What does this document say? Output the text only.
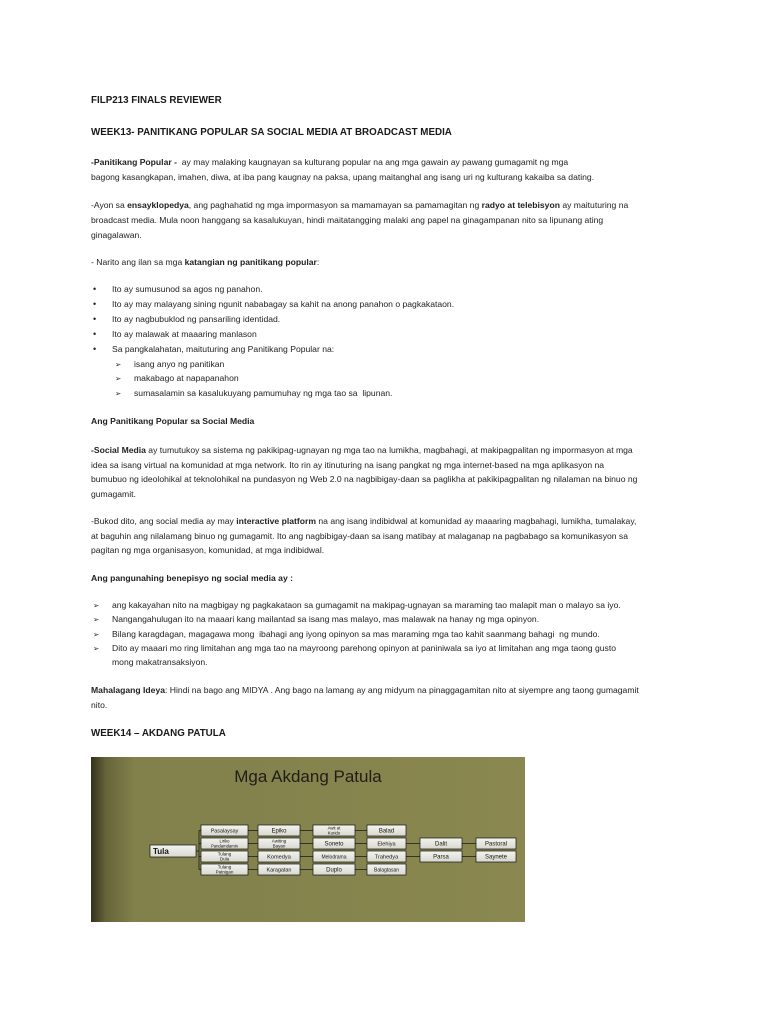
FILP213 FINALS REVIEWER
WEEK13- PANITIKANG POPULAR SA SOCIAL MEDIA AT BROADCAST MEDIA
-Panitikang Popular -  ay may malaking kaugnayan sa kulturang popular na ang mga gawain ay pawang gumagamit ng mga
bagong kasangkapan, imahen, diwa, at iba pang kaugnay na paksa, upang maitanghal ang isang uri ng kulturang kakaiba sa dating.
-Ayon sa ensayklopedya, ang paghahatid ng mga impormasyon sa mamamayan sa pamamagitan ng radyo at telebisyon ay maituturing na
broadcast media. Mula noon hanggang sa kasalukuyan, hindi maitatangging malaki ang papel na ginagampanan nito sa lipunang ating
ginagalawan.
- Narito ang ilan sa mga katangian ng panitikang popular:
•
Ito ay sumusunod sa agos ng panahon.
•
Ito ay may malayang sining ngunit nababagay sa kahit na anong panahon o pagkakataon.
•
Ito ay nagbubuklod ng pansariling identidad.
•
Ito ay malawak at maaaring manlason
•
Sa pangkalahatan, maituturing ang Panitikang Popular na:
➢
isang anyo ng panitikan
➢
makabago at napapanahon
➢
sumasalamin sa kasalukuyang pamumuhay ng mga tao sa  lipunan.
Ang Panitikang Popular sa Social Media
-Social Media ay tumutukoy sa sistema ng pakikipag-ugnayan ng mga tao na lumikha, magbahagi, at makipagpalitan ng impormasyon at mga
idea sa isang virtual na komunidad at mga network. Ito rin ay itinuturing na isang pangkat ng mga internet-based na mga aplikasyon na
bumubuo ng ideolohikal at teknolohikal na pundasyon ng Web 2.0 na nagbibigay-daan sa paglikha at pakikipagpalitan ng nilalaman na binuo ng
gumagamit.
-Bukod dito, ang social media ay may interactive platform na ang isang indibidwal at komunidad ay maaaring magbahagi, lumikha, tumalakay,
at baguhin ang nilalamang binuo ng gumagamit. Ito ang nagbibigay-daan sa isang matibay at malaganap na pagbabago sa komunikasyon sa
pagitan ng mga organisasyon, komunidad, at mga indibidwal.
Ang pangunahing benepisyo ng social media ay :
➢
ang kakayahan nito na magbigay ng pagkakataon sa gumagamit na makipag-ugnayan sa maraming tao malapit man o malayo sa iyo.
➢
Nangangahulugan ito na maaari kang mailantad sa isang mas malayo, mas malawak na hanay ng mga opinyon.
➢
Bilang karagdagan, magagawa mong  ibahagi ang iyong opinyon sa mas maraming mga tao kahit saanmang bahagi  ng mundo.
➢
Dito ay maaari mo ring limitahan ang mga tao na mayroong parehong opinyon at paniniwala sa iyo at limitahan ang mga taong gusto
mong makatransaksiyon.
Mahalagang Ideya: Hindi na bago ang MIDYA . Ang bago na lamang ay ang midyum na pinaggagamitan nito at siyempre ang taong gumagamit
nito.
WEEK14 – AKDANG PATULA
Mga Akdang Patula
Tula
Pasalaysay	Epiko
Awit at
Kurido	Balad
Liriko
Pandamdamin
Awiting
Bayan	Soneto	Elehiya	Dalit	Pastoral
Tulang
Dula	Komedya	Melodrama	Trahedya	Parsa	Saynete
Tulang
Patnigan	Karagatan	Duplo	Balagtasan
